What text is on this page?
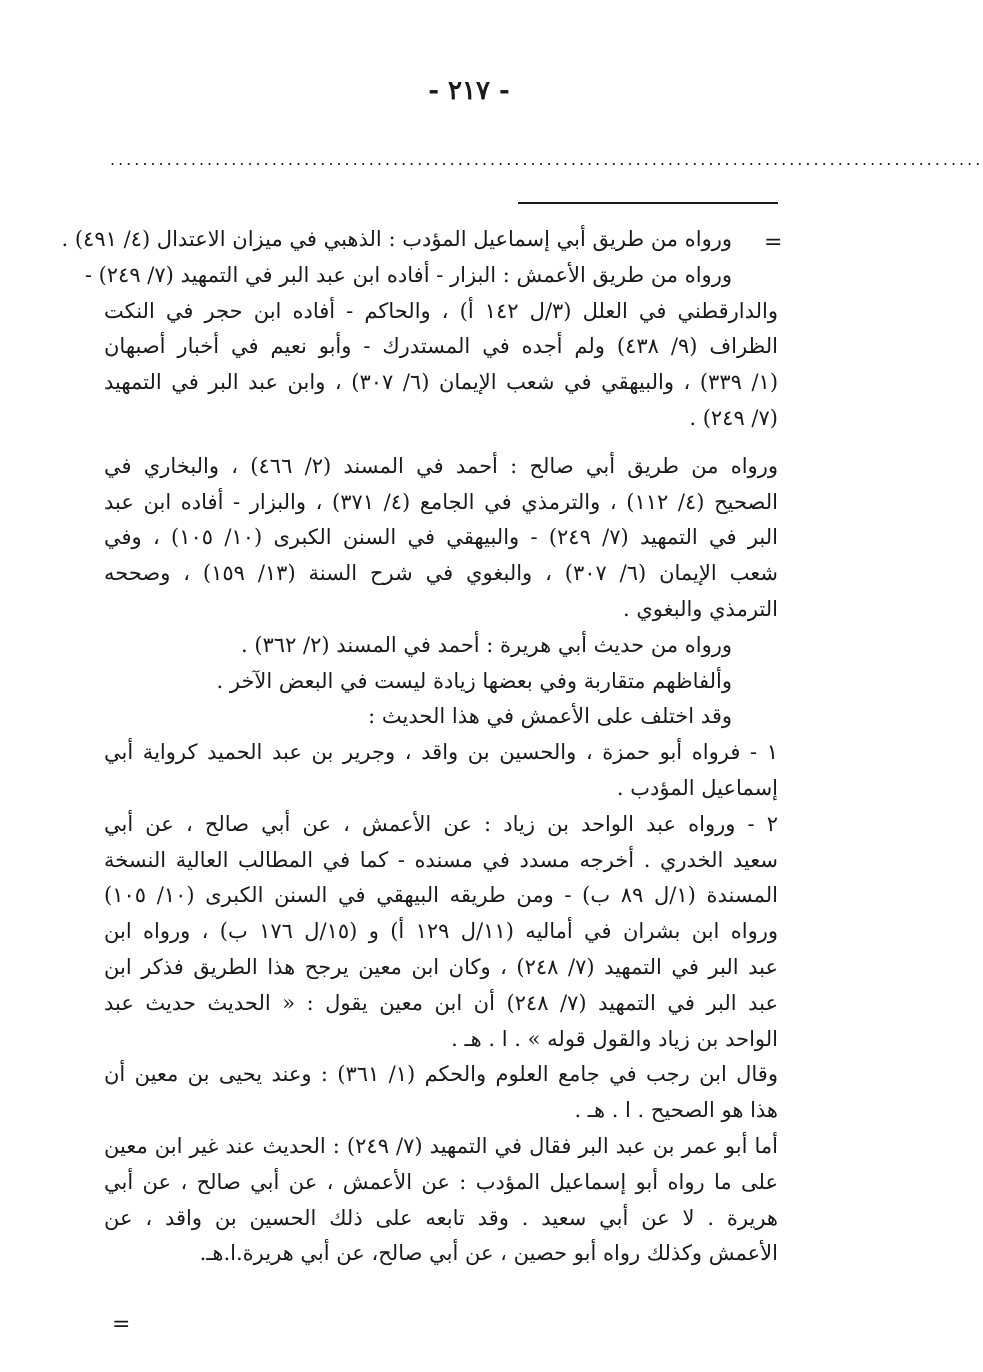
- ٢١٧ -
............................................................................................................
=
=
ورواه من طريق أبي إسماعيل المؤدب : الذهبي في ميزان الاعتدال (٤/ ٤٩١) .
ورواه من طريق الأعمش : البزار - أفاده ابن عبد البر في التمهيد (٧/ ٢٤٩) -
والدارقطني في العلل (٣/ل ١٤٢ أ) ، والحاكم - أفاده ابن حجر في النكت
الظراف (٩/ ٤٣٨) ولم أجده في المستدرك - وأبو نعيم في أخبار أصبهان
(١/ ٣٣٩) ، والبيهقي في شعب الإيمان (٦/ ٣٠٧) ، وابن عبد البر في التمهيد
(٧/ ٢٤٩) .
ورواه من طريق أبي صالح : أحمد في المسند (٢/ ٤٦٦) ، والبخاري في
الصحيح (٤/ ١١٢) ، والترمذي في الجامع (٤/ ٣٧١) ، والبزار - أفاده ابن عبد
البر في التمهيد (٧/ ٢٤٩) - والبيهقي في السنن الكبرى (١٠/ ١٠٥) ، وفي
شعب الإيمان (٦/ ٣٠٧) ، والبغوي في شرح السنة (١٣/ ١٥٩) ، وصححه
الترمذي والبغوي .
ورواه من حديث أبي هريرة : أحمد في المسند (٢/ ٣٦٢) .
وألفاظهم متقاربة وفي بعضها زيادة ليست في البعض الآخر .
وقد اختلف على الأعمش في هذا الحديث :
١ - فرواه أبو حمزة ، والحسين بن واقد ، وجرير بن عبد الحميد كرواية أبي
إسماعيل المؤدب .
٢ - ورواه عبد الواحد بن زياد : عن الأعمش ، عن أبي صالح ، عن أبي
سعيد الخدري . أخرجه مسدد في مسنده - كما في المطالب العالية النسخة
المسندة (١/ل ٨٩ ب) - ومن طريقه البيهقي في السنن الكبرى (١٠/ ١٠٥)
ورواه ابن بشران في أماليه (١١/ل ١٢٩ أ) و (١٥/ل ١٧٦ ب) ، ورواه ابن
عبد البر في التمهيد (٧/ ٢٤٨) ، وكان ابن معين يرجح هذا الطريق فذكر ابن
عبد البر في التمهيد (٧/ ٢٤٨) أن ابن معين يقول : « الحديث حديث عبد
الواحد بن زياد والقول قوله » . ا . هـ .
وقال ابن رجب في جامع العلوم والحكم (١/ ٣٦١) : وعند يحيى بن معين أن
هذا هو الصحيح . ا . هـ .
أما أبو عمر بن عبد البر فقال في التمهيد (٧/ ٢٤٩) : الحديث عند غير ابن معين
على ما رواه أبو إسماعيل المؤدب : عن الأعمش ، عن أبي صالح ، عن أبي
هريرة . لا عن أبي سعيد . وقد تابعه على ذلك الحسين بن واقد ، عن
الأعمش وكذلك رواه أبو حصين ، عن أبي صالح، عن أبي هريرة.ا.هـ.
